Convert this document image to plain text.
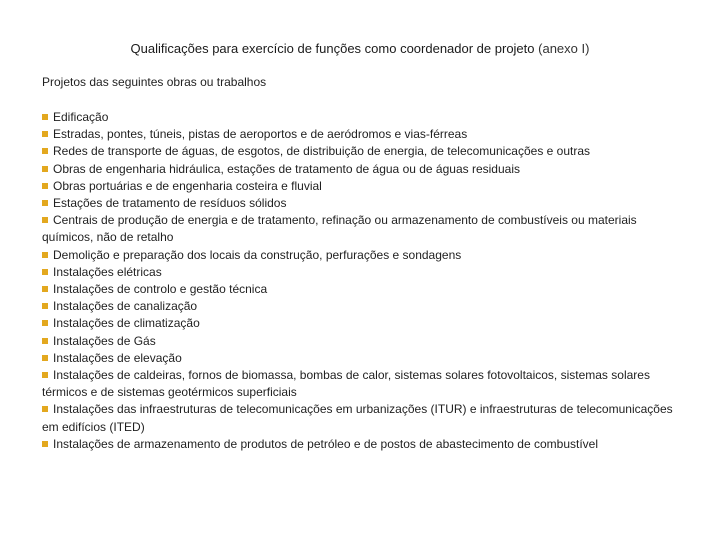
Qualificações para exercício de funções como coordenador de projeto (anexo I)
Projetos das seguintes obras ou trabalhos
Edificação
Estradas, pontes, túneis, pistas de aeroportos e de aeródromos e vias-férreas
Redes de transporte de águas, de esgotos, de distribuição de energia, de telecomunicações e outras
Obras de engenharia hidráulica, estações de tratamento de água ou de águas residuais
Obras portuárias e de engenharia costeira e fluvial
Estações de tratamento de resíduos sólidos
Centrais de produção de energia e de tratamento, refinação ou armazenamento de combustíveis ou materiais químicos, não de retalho
Demolição e preparação dos locais da construção, perfurações e sondagens
Instalações elétricas
Instalações de controlo e gestão técnica
Instalações de canalização
Instalações de climatização
Instalações de Gás
Instalações de elevação
Instalações de caldeiras, fornos de biomassa, bombas de calor, sistemas solares fotovoltaicos, sistemas solares térmicos e de sistemas geotérmicos superficiais
Instalações das infraestruturas de telecomunicações em urbanizações (ITUR) e infraestruturas de telecomunicações em edifícios (ITED)
Instalações de armazenamento de produtos de petróleo e de postos de abastecimento de combustível
